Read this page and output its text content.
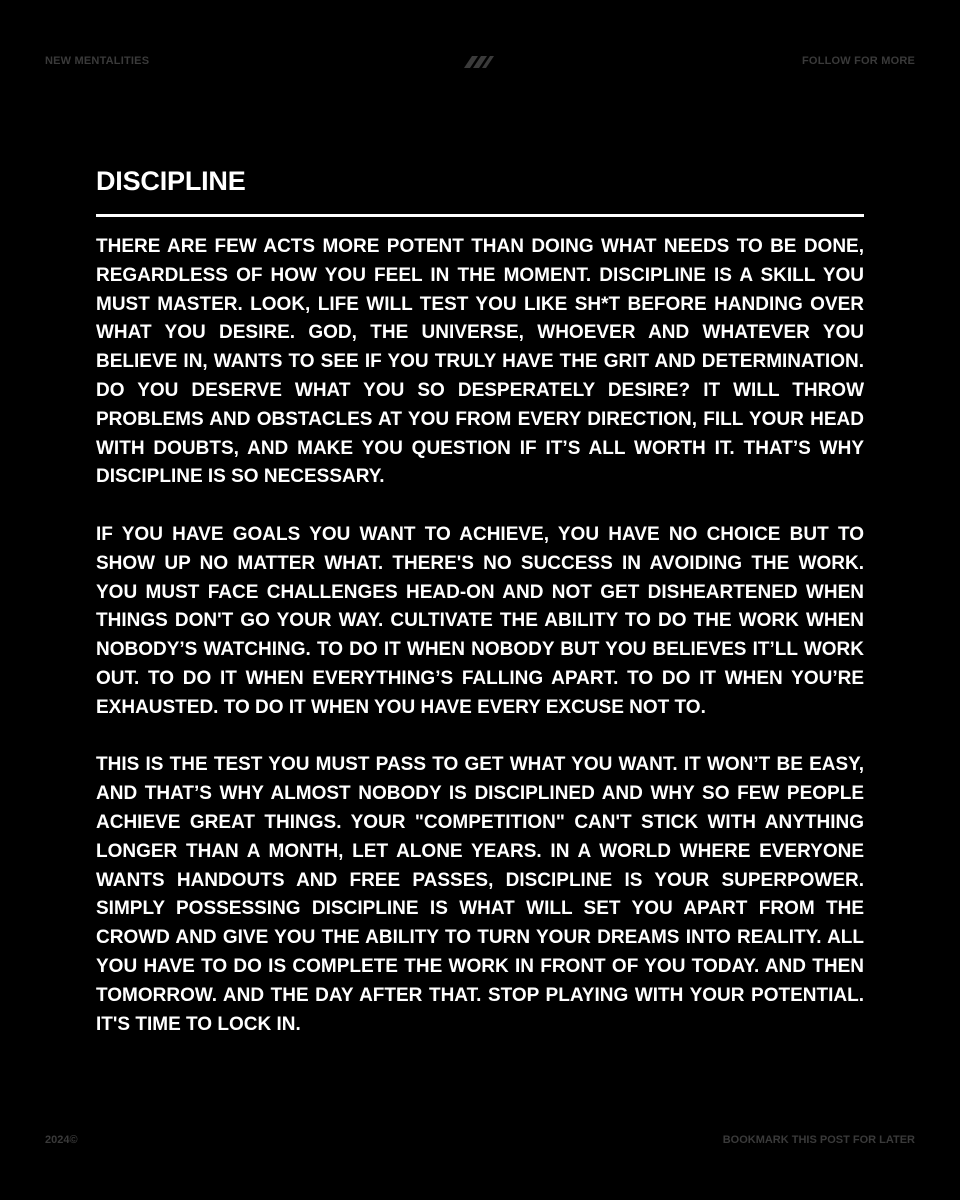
NEW MENTALITIES	FOLLOW FOR MORE
DISCIPLINE

THERE ARE FEW ACTS MORE POTENT THAN DOING WHAT NEEDS TO BE DONE, REGARDLESS OF HOW YOU FEEL IN THE MOMENT. DISCIPLINE IS A SKILL YOU MUST MASTER. LOOK, LIFE WILL TEST YOU LIKE SH*T BEFORE HANDING OVER WHAT YOU DESIRE. GOD, THE UNIVERSE, WHOEVER AND WHATEVER YOU BELIEVE IN, WANTS TO SEE IF YOU TRULY HAVE THE GRIT AND DETERMINATION. DO YOU DESERVE WHAT YOU SO DESPERATELY DESIRE? IT WILL THROW PROBLEMS AND OBSTACLES AT YOU FROM EVERY DIRECTION, FILL YOUR HEAD WITH DOUBTS, AND MAKE YOU QUESTION IF IT’S ALL WORTH IT. THAT’S WHY DISCIPLINE IS SO NECESSARY.

IF YOU HAVE GOALS YOU WANT TO ACHIEVE, YOU HAVE NO CHOICE BUT TO SHOW UP NO MATTER WHAT. THERE'S NO SUCCESS IN AVOIDING THE WORK. YOU MUST FACE CHALLENGES HEAD-ON AND NOT GET DISHEARTENED WHEN THINGS DON'T GO YOUR WAY. CULTIVATE THE ABILITY TO DO THE WORK WHEN NOBODY’S WATCHING. TO DO IT WHEN NOBODY BUT YOU BELIEVES IT’LL WORK OUT. TO DO IT WHEN EVERYTHING’S FALLING APART. TO DO IT WHEN YOU’RE EXHAUSTED. TO DO IT WHEN YOU HAVE EVERY EXCUSE NOT TO.

THIS IS THE TEST YOU MUST PASS TO GET WHAT YOU WANT. IT WON’T BE EASY, AND THAT’S WHY ALMOST NOBODY IS DISCIPLINED AND WHY SO FEW PEOPLE ACHIEVE GREAT THINGS. YOUR "COMPETITION" CAN'T STICK WITH ANYTHING LONGER THAN A MONTH, LET ALONE YEARS. IN A WORLD WHERE EVERYONE WANTS HANDOUTS AND FREE PASSES, DISCIPLINE IS YOUR SUPERPOWER. SIMPLY POSSESSING DISCIPLINE IS WHAT WILL SET YOU APART FROM THE CROWD AND GIVE YOU THE ABILITY TO TURN YOUR DREAMS INTO REALITY. ALL YOU HAVE TO DO IS COMPLETE THE WORK IN FRONT OF YOU TODAY. AND THEN TOMORROW. AND THE DAY AFTER THAT. STOP PLAYING WITH YOUR POTENTIAL. IT'S TIME TO LOCK IN.

2024©	BOOKMARK THIS POST FOR LATER
